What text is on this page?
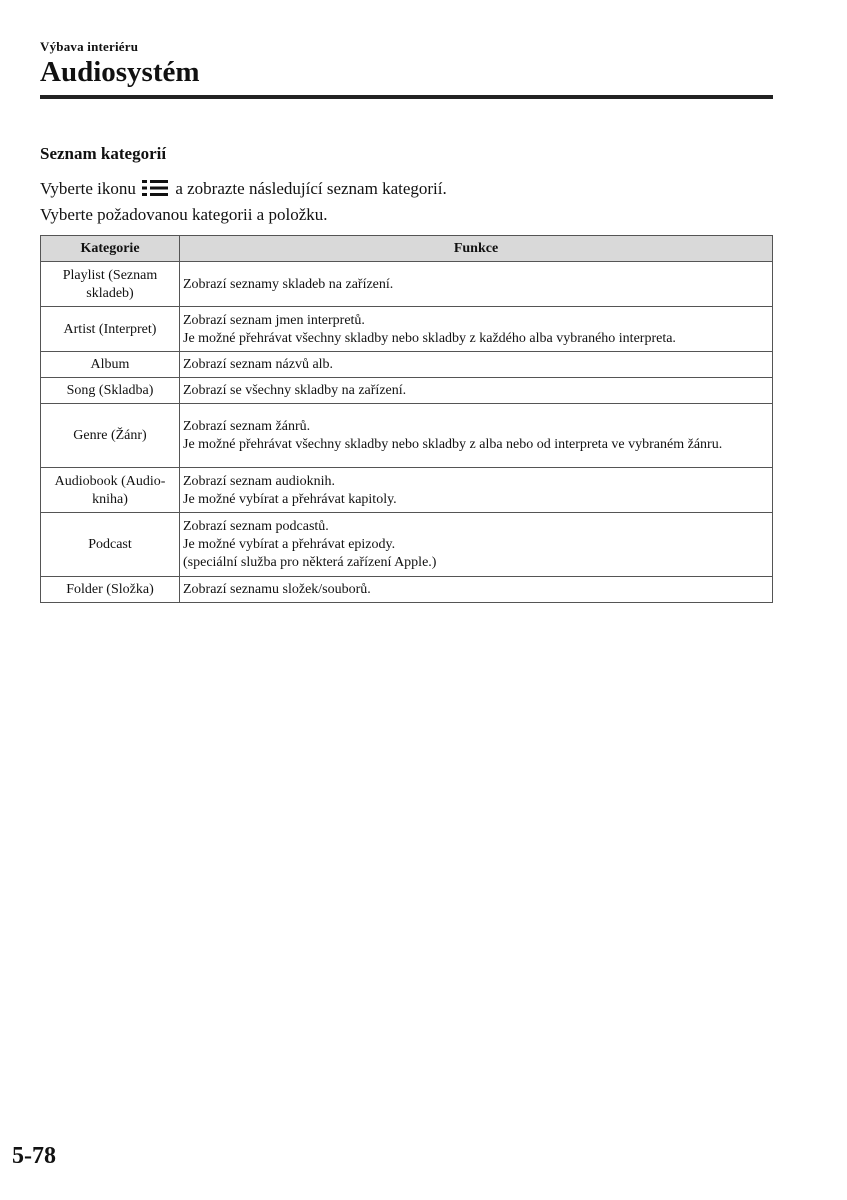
Výbava interiéru
Audiosystém
Seznam kategorií

Vyberte ikonu a zobrazte následující seznam kategorií.

Vyberte požadovanou kategorii a položku.

Kategorie	Funkce

Playlist (Seznam
skladeb)	Zobrazí seznamy skladeb na zařízení.

Artist (Interpret)	Zobrazí seznam jmen interpretů.
Je možné přehrávat všechny skladby nebo skladby z každého alba vybraného interpreta.

Album	Zobrazí seznam názvů alb.

Song (Skladba)	Zobrazí se všechny skladby na zařízení.

Genre (Žánr)	Zobrazí seznam žánrů.
Je možné přehrávat všechny skladby nebo skladby z alba nebo od interpreta ve vybraném žánru.

Audiobook (Audio-
kniha)	Zobrazí seznam audioknih.
Je možné vybírat a přehrávat kapitoly.

Podcast	Zobrazí seznam podcastů.
Je možné vybírat a přehrávat epizody.
(speciální služba pro některá zařízení Apple.)

Folder (Složka)	Zobrazí seznamu složek/souborů.
5-78
